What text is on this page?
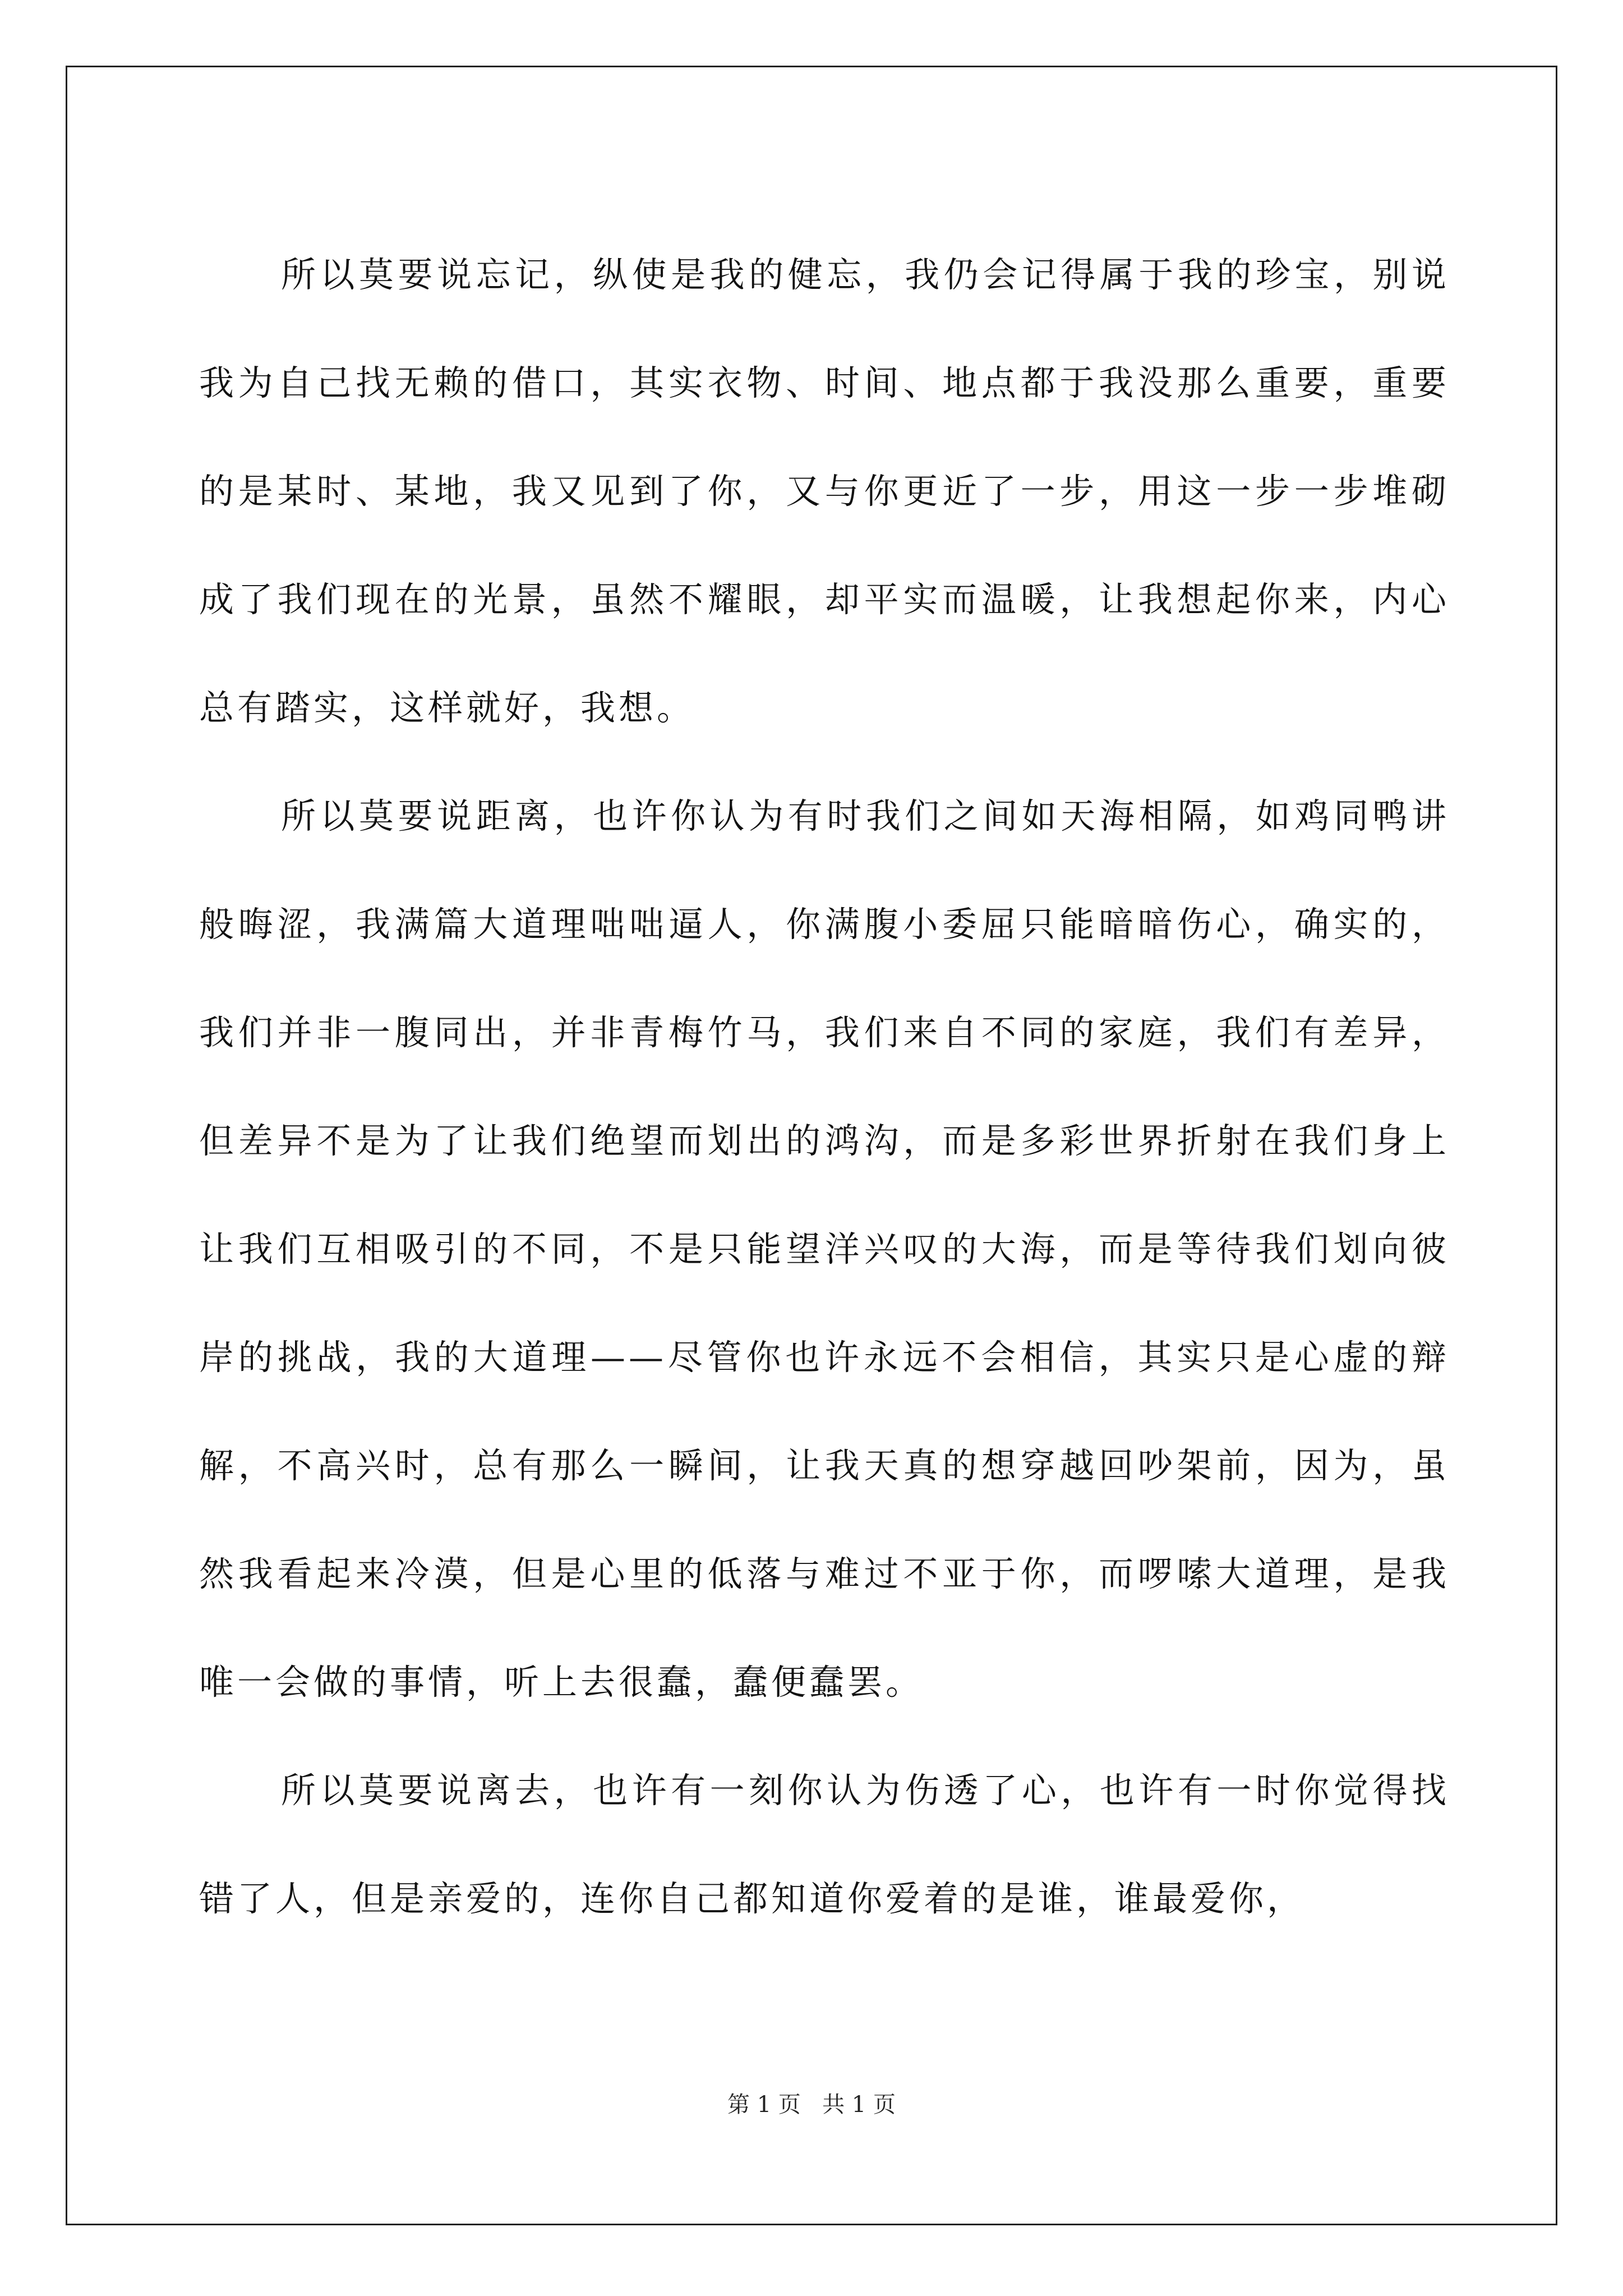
所以莫要说忘记，纵使是我的健忘，我仍会记得属于我的珍宝，别说我为自己找无赖的借口，其实衣物、时间、地点都于我没那么重要，重要的是某时、某地，我又见到了你，又与你更近了一步，用这一步一步堆砌成了我们现在的光景，虽然不耀眼，却平实而温暖，让我想起你来，内心总有踏实，这样就好，我想。

所以莫要说距离，也许你认为有时我们之间如天海相隔，如鸡同鸭讲般晦涩，我满篇大道理咄咄逼人，你满腹小委屈只能暗暗伤心，确实的，我们并非一腹同出，并非青梅竹马，我们来自不同的家庭，我们有差异，但差异不是为了让我们绝望而划出的鸿沟，而是多彩世界折射在我们身上让我们互相吸引的不同，不是只能望洋兴叹的大海，而是等待我们划向彼岸的挑战，我的大道理——尽管你也许永远不会相信，其实只是心虚的辩解，不高兴时，总有那么一瞬间，让我天真的想穿越回吵架前，因为，虽然我看起来冷漠，但是心里的低落与难过不亚于你，而啰嗦大道理，是我唯一会做的事情，听上去很蠢，蠢便蠢罢。

所以莫要说离去，也许有一刻你认为伤透了心，也许有一时你觉得找错了人，但是亲爱的，连你自己都知道你爱着的是谁，谁最爱你，

第 1 页   共 1 页
